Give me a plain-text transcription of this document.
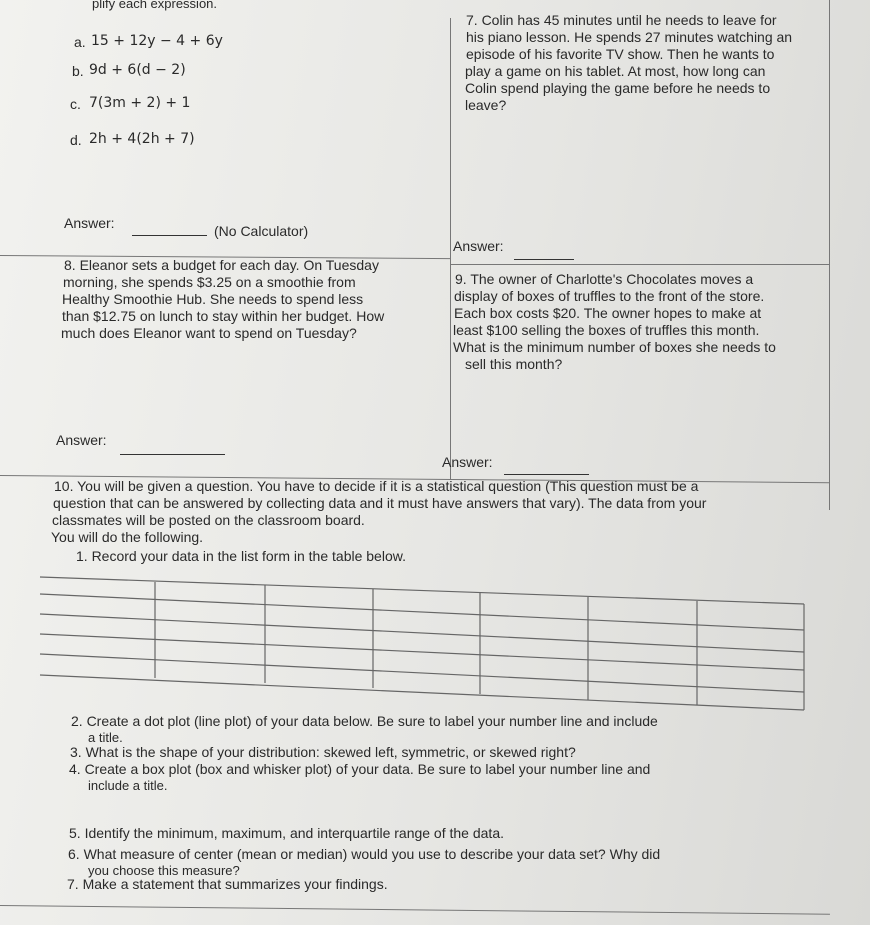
plify each expression.
a. 15 + 12y − 4 + 6y
b. 9d + 6(d − 2)
c. 7(3m + 2) + 1
d. 2h + 4(2h + 7)
Answer:	(No Calculator)
7. Colin has 45 minutes until he needs to leave for
his piano lesson. He spends 27 minutes watching an
episode of his favorite TV show. Then he wants to
play a game on his tablet. At most, how long can
Colin spend playing the game before he needs to
leave?
Answer:
8. Eleanor sets a budget for each day. On Tuesday
morning, she spends $3.25 on a smoothie from
Healthy Smoothie Hub. She needs to spend less
than $12.75 on lunch to stay within her budget. How
much does Eleanor want to spend on Tuesday?
Answer:
9. The owner of Charlotte's Chocolates moves a
display of boxes of truffles to the front of the store.
Each box costs $20. The owner hopes to make at
least $100 selling the boxes of truffles this month.
What is the minimum number of boxes she needs to
sell this month?
Answer:
10. You will be given a question. You have to decide if it is a statistical question (This question must be a
question that can be answered by collecting data and it must have answers that vary). The data from your
classmates will be posted on the classroom board.
You will do the following.
1. Record your data in the list form in the table below.
2. Create a dot plot (line plot) of your data below. Be sure to label your number line and include
a title.
3. What is the shape of your distribution: skewed left, symmetric, or skewed right?
4. Create a box plot (box and whisker plot) of your data. Be sure to label your number line and
include a title.
5. Identify the minimum, maximum, and interquartile range of the data.
6. What measure of center (mean or median) would you use to describe your data set? Why did
you choose this measure?
7. Make a statement that summarizes your findings.
